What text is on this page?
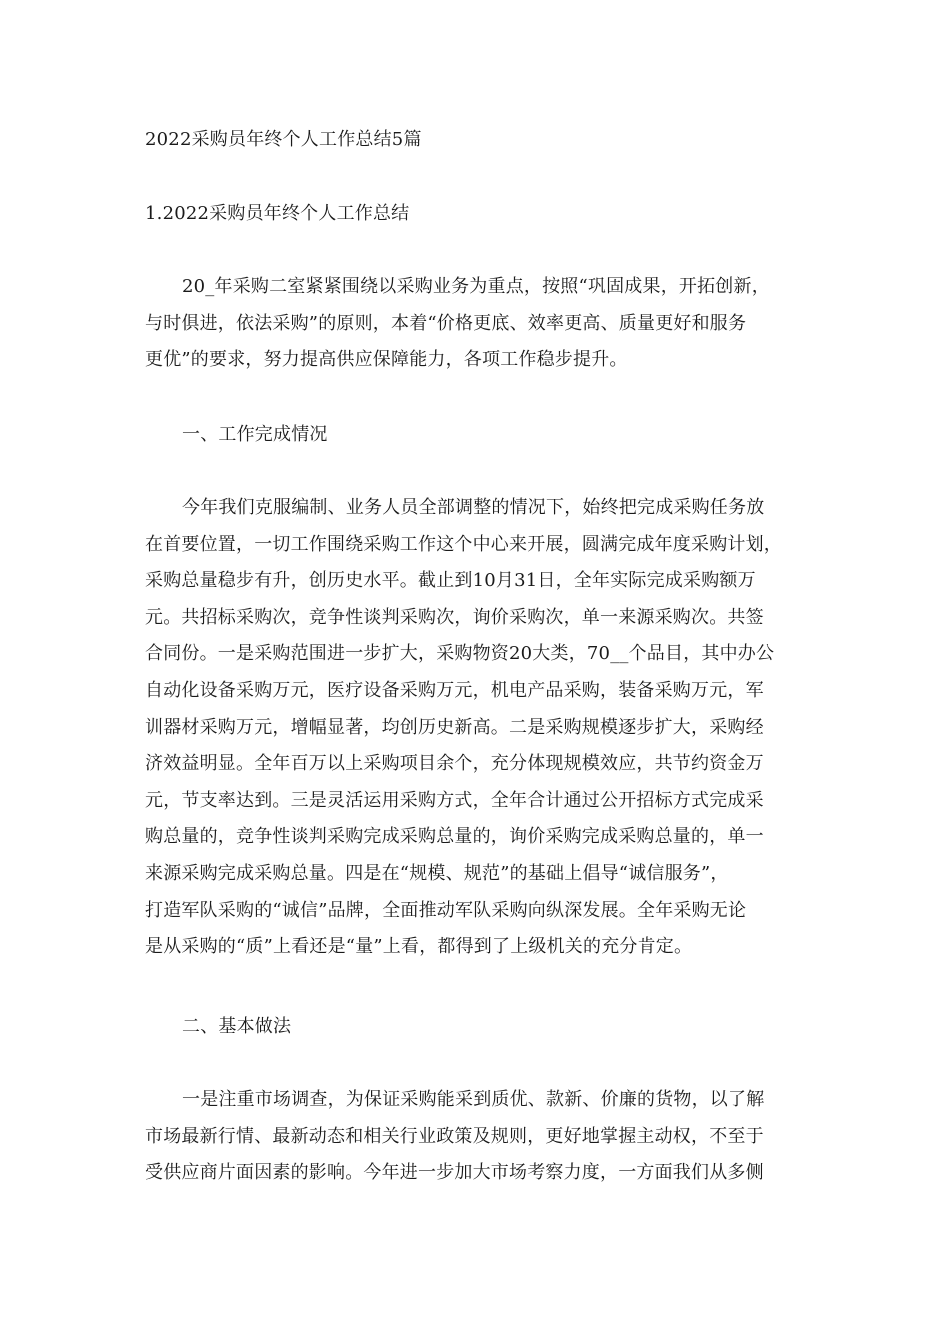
2022采购员年终个人工作总结5篇
1.2022采购员年终个人工作总结
20_年采购二室紧紧围绕以采购业务为重点，按照“巩固成果，开拓创新，
与时俱进，依法采购”的原则，本着“价格更底、效率更高、质量更好和服务
更优”的要求，努力提高供应保障能力，各项工作稳步提升。
一、工作完成情况
今年我们克服编制、业务人员全部调整的情况下，始终把完成采购任务放
在首要位置，一切工作围绕采购工作这个中心来开展，圆满完成年度采购计划，
采购总量稳步有升，创历史水平。截止到10月31日，全年实际完成采购额万
元。共招标采购次，竞争性谈判采购次，询价采购次，单一来源采购次。共签
合同份。一是采购范围进一步扩大，采购物资20大类，70__个品目，其中办公
自动化设备采购万元，医疗设备采购万元，机电产品采购，装备采购万元，军
训器材采购万元，增幅显著，均创历史新高。二是采购规模逐步扩大，采购经
济效益明显。全年百万以上采购项目余个，充分体现规模效应，共节约资金万
元，节支率达到。三是灵活运用采购方式，全年合计通过公开招标方式完成采
购总量的，竞争性谈判采购完成采购总量的，询价采购完成采购总量的，单一
来源采购完成采购总量。四是在“规模、规范”的基础上倡导“诚信服务”，
打造军队采购的“诚信”品牌，全面推动军队采购向纵深发展。全年采购无论
是从采购的“质”上看还是“量”上看，都得到了上级机关的充分肯定。
二、基本做法
一是注重市场调查，为保证采购能采到质优、款新、价廉的货物，以了解
市场最新行情、最新动态和相关行业政策及规则，更好地掌握主动权，不至于
受供应商片面因素的影响。今年进一步加大市场考察力度，一方面我们从多侧
